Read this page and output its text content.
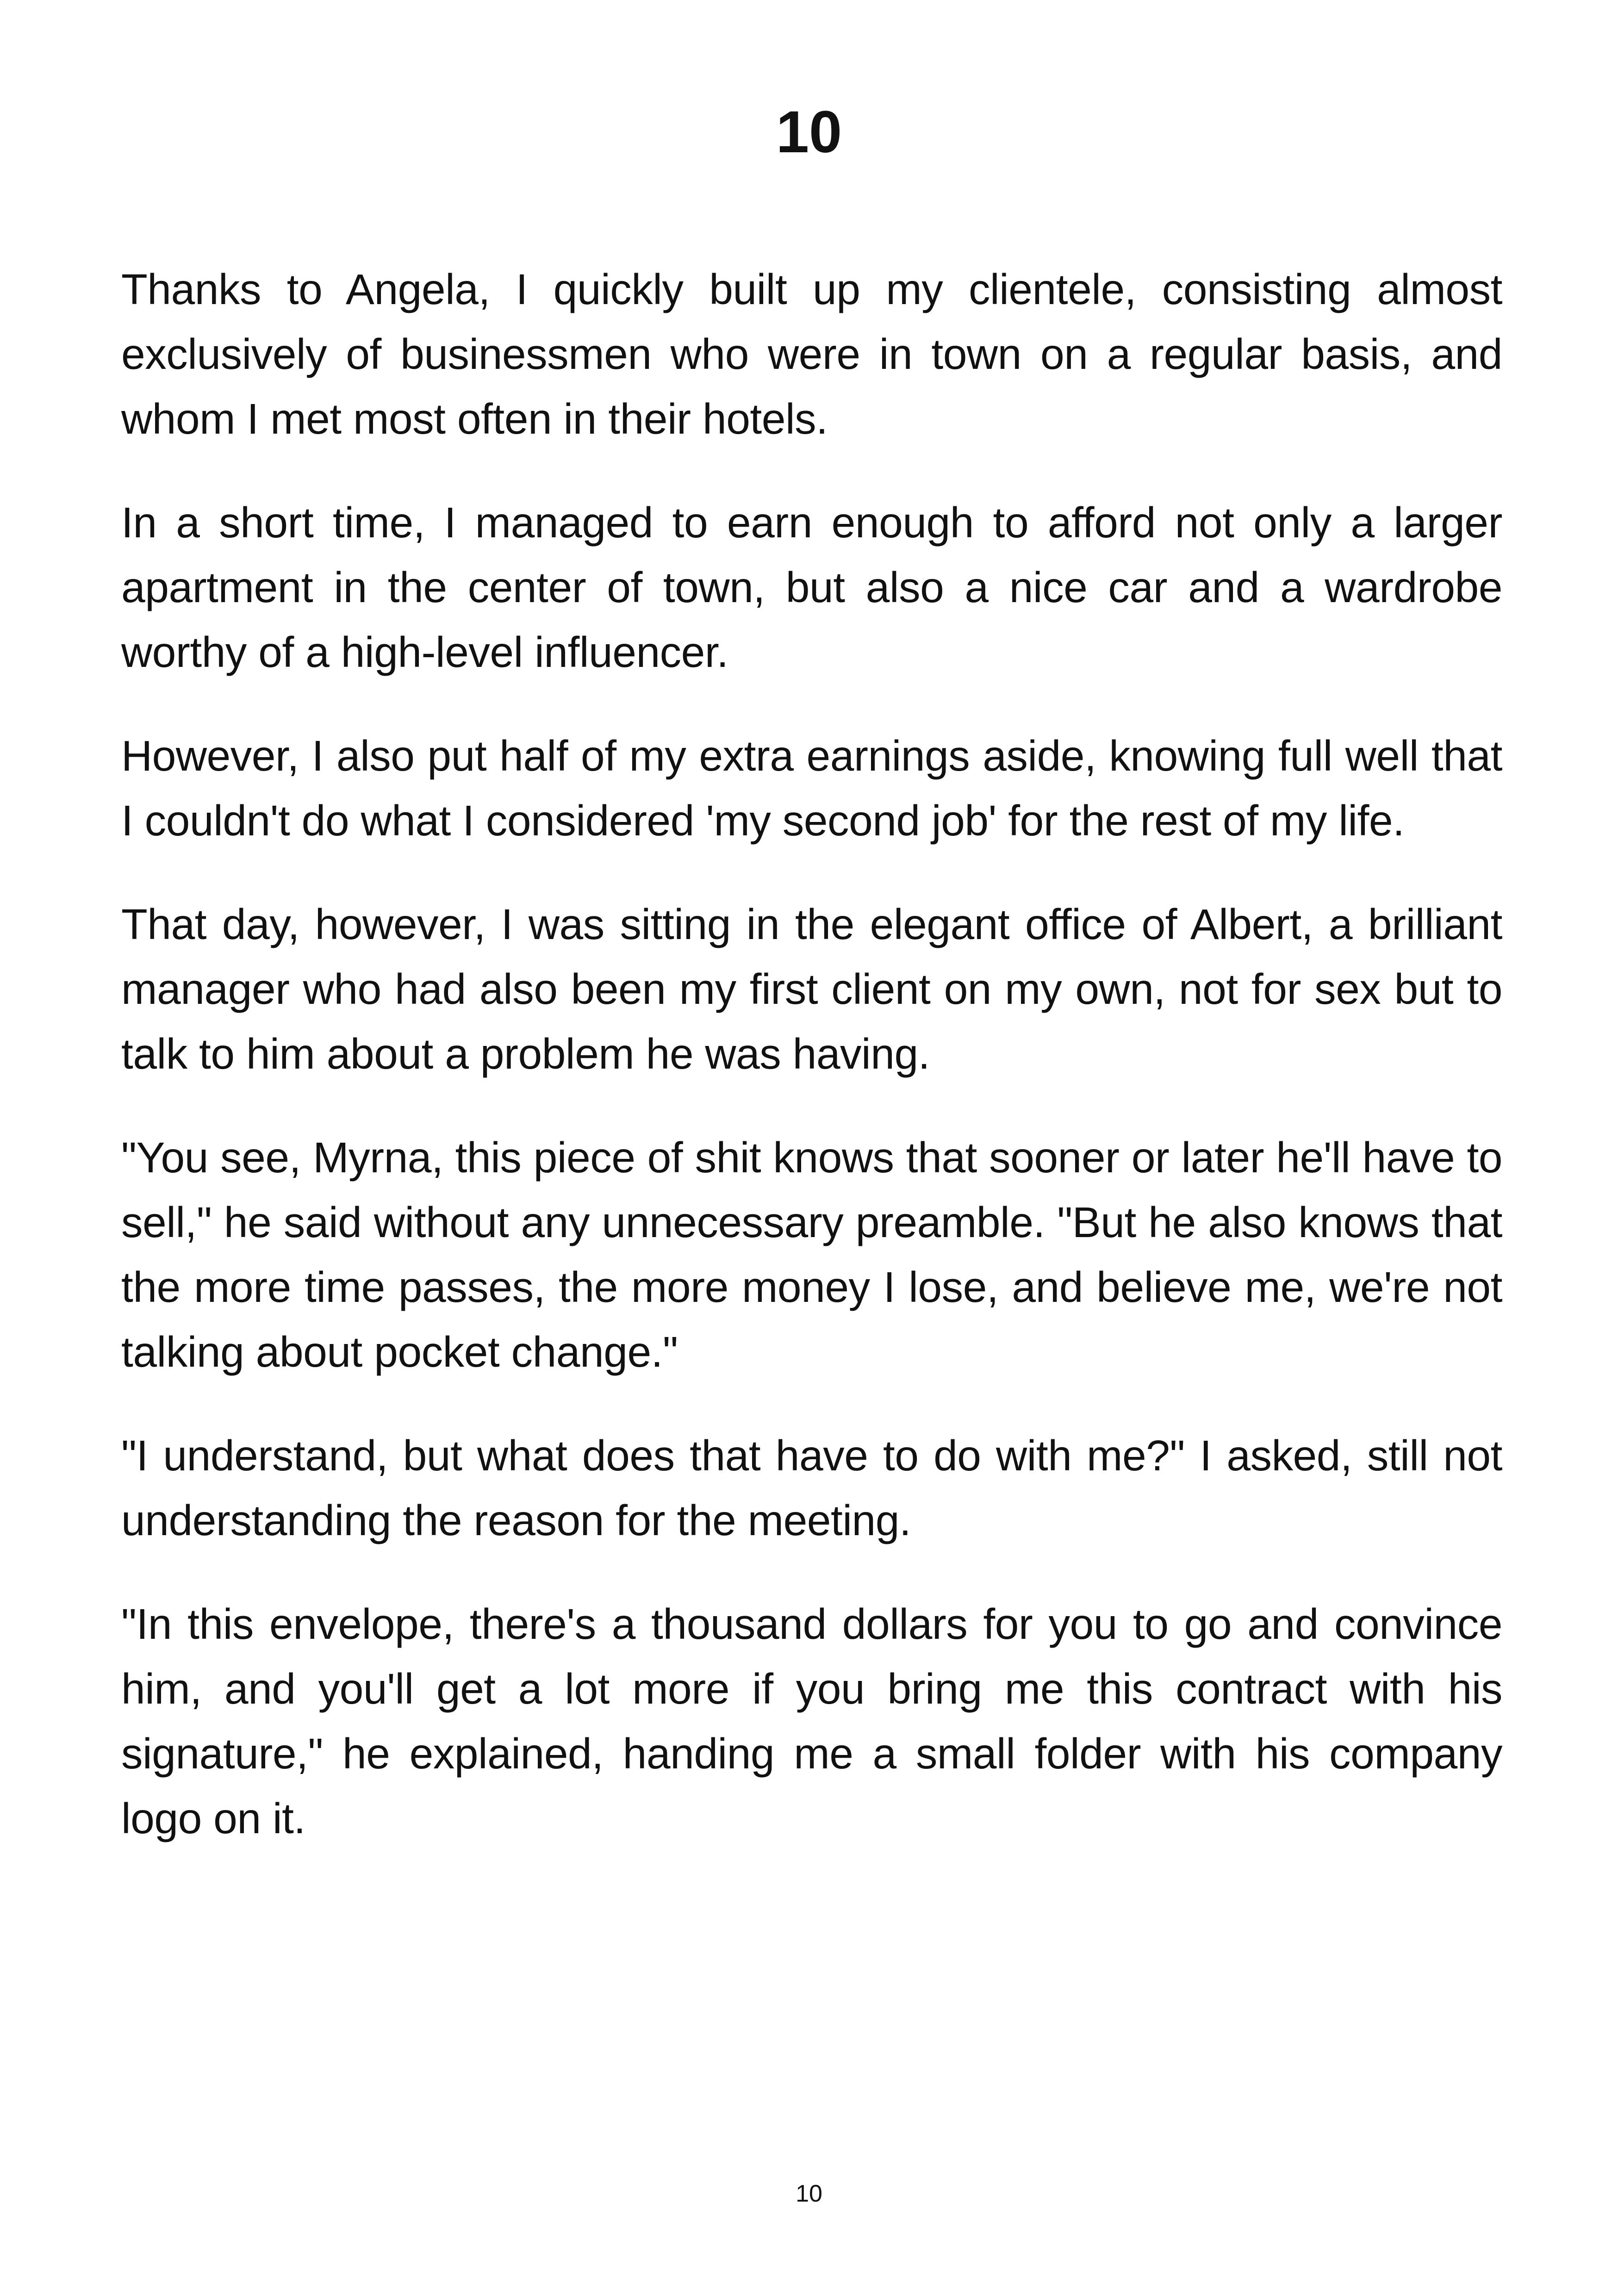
10

Thanks to Angela, I quickly built up my clientele, consisting almost exclusively of businessmen who were in town on a regular basis, and whom I met most often in their hotels.

In a short time, I managed to earn enough to afford not only a larger apartment in the center of town, but also a nice car and a wardrobe worthy of a high-level influencer.

However, I also put half of my extra earnings aside, knowing full well that I couldn't do what I considered 'my second job' for the rest of my life.

That day, however, I was sitting in the elegant office of Albert, a brilliant manager who had also been my first client on my own, not for sex but to talk to him about a problem he was having.

"You see, Myrna, this piece of shit knows that sooner or later he'll have to sell," he said without any unnecessary preamble. "But he also knows that the more time passes, the more money I lose, and believe me, we're not talking about pocket change."

"I understand, but what does that have to do with me?" I asked, still not understanding the reason for the meeting.

"In this envelope, there's a thousand dollars for you to go and convince him, and you'll get a lot more if you bring me this contract with his signature," he explained, handing me a small folder with his company logo on it.

10
